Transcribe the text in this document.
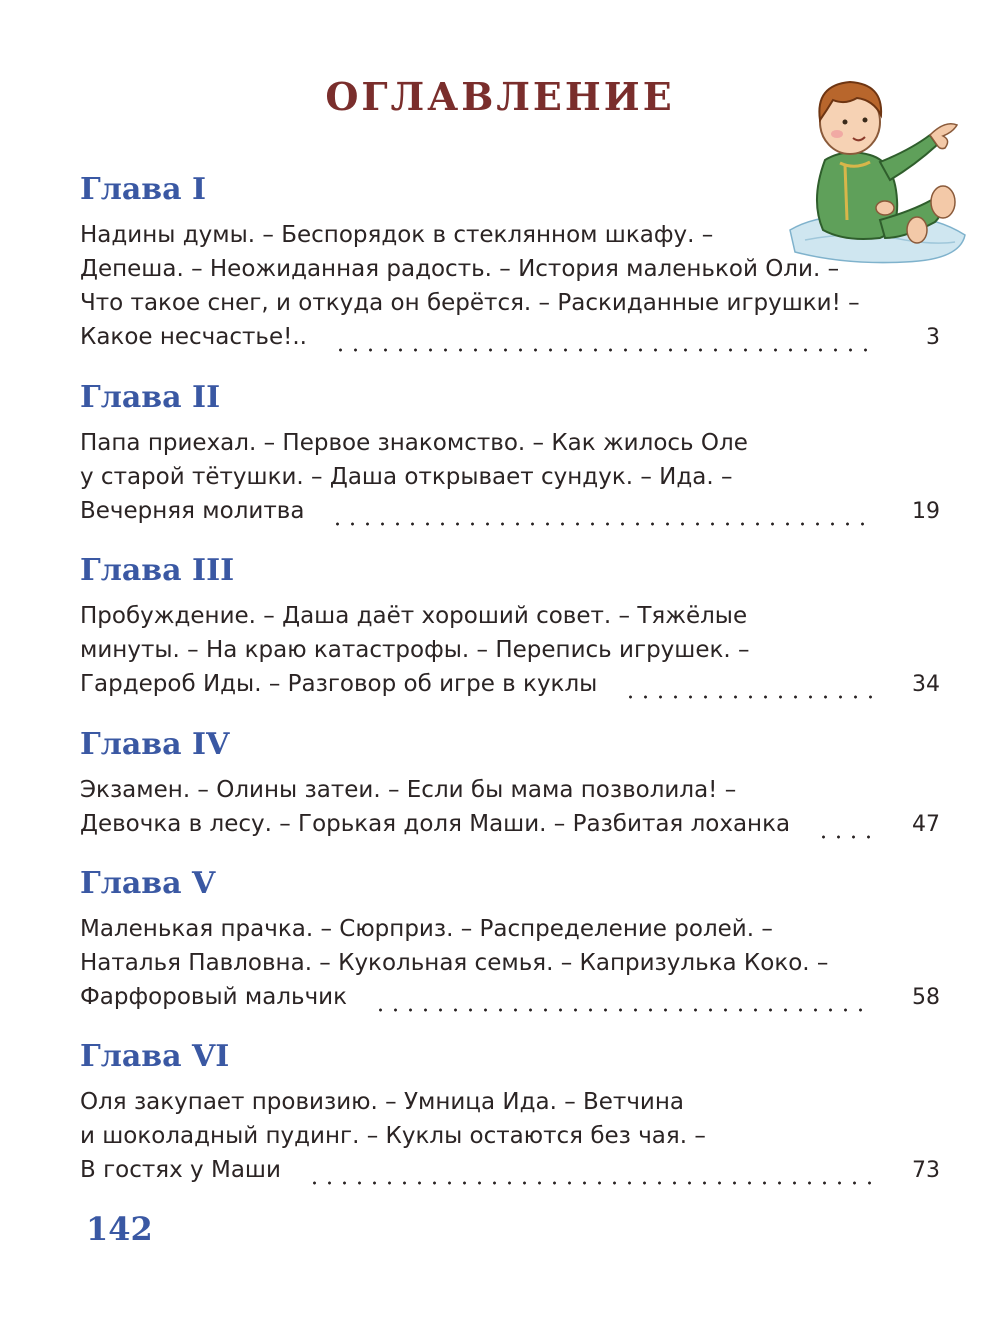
ОГЛАВЛЕНИЕ
Глава I
Надины думы. – Беспорядок в стеклянном шкафу. –
Депеша. – Неожиданная радость. – История маленькой Оли. –
Что такое снег, и откуда он берётся. – Раскиданные игрушки! –
Какое несчастье!..	3
Глава II
Папа приехал. – Первое знакомство. – Как жилось Оле
у старой тётушки. – Даша открывает сундук. – Ида. –
Вечерняя молитва	19
Глава III
Пробуждение. – Даша даёт хороший совет. – Тяжёлые
минуты. – На краю катастрофы. – Перепись игрушек. –
Гардероб Иды. – Разговор об игре в куклы	34
Глава IV
Экзамен. – Олины затеи. – Если бы мама позволила! –
Девочка в лесу. – Горькая доля Маши. – Разбитая лоханка	47
Глава V
Маленькая прачка. – Сюрприз. – Распределение ролей. –
Наталья Павловна. – Кукольная семья. – Капризулька Коко. –
Фарфоровый мальчик	58
Глава VI
Оля закупает провизию. – Умница Ида. – Ветчина
и шоколадный пудинг. – Куклы остаются без чая. –
В гостях у Маши	73
142
